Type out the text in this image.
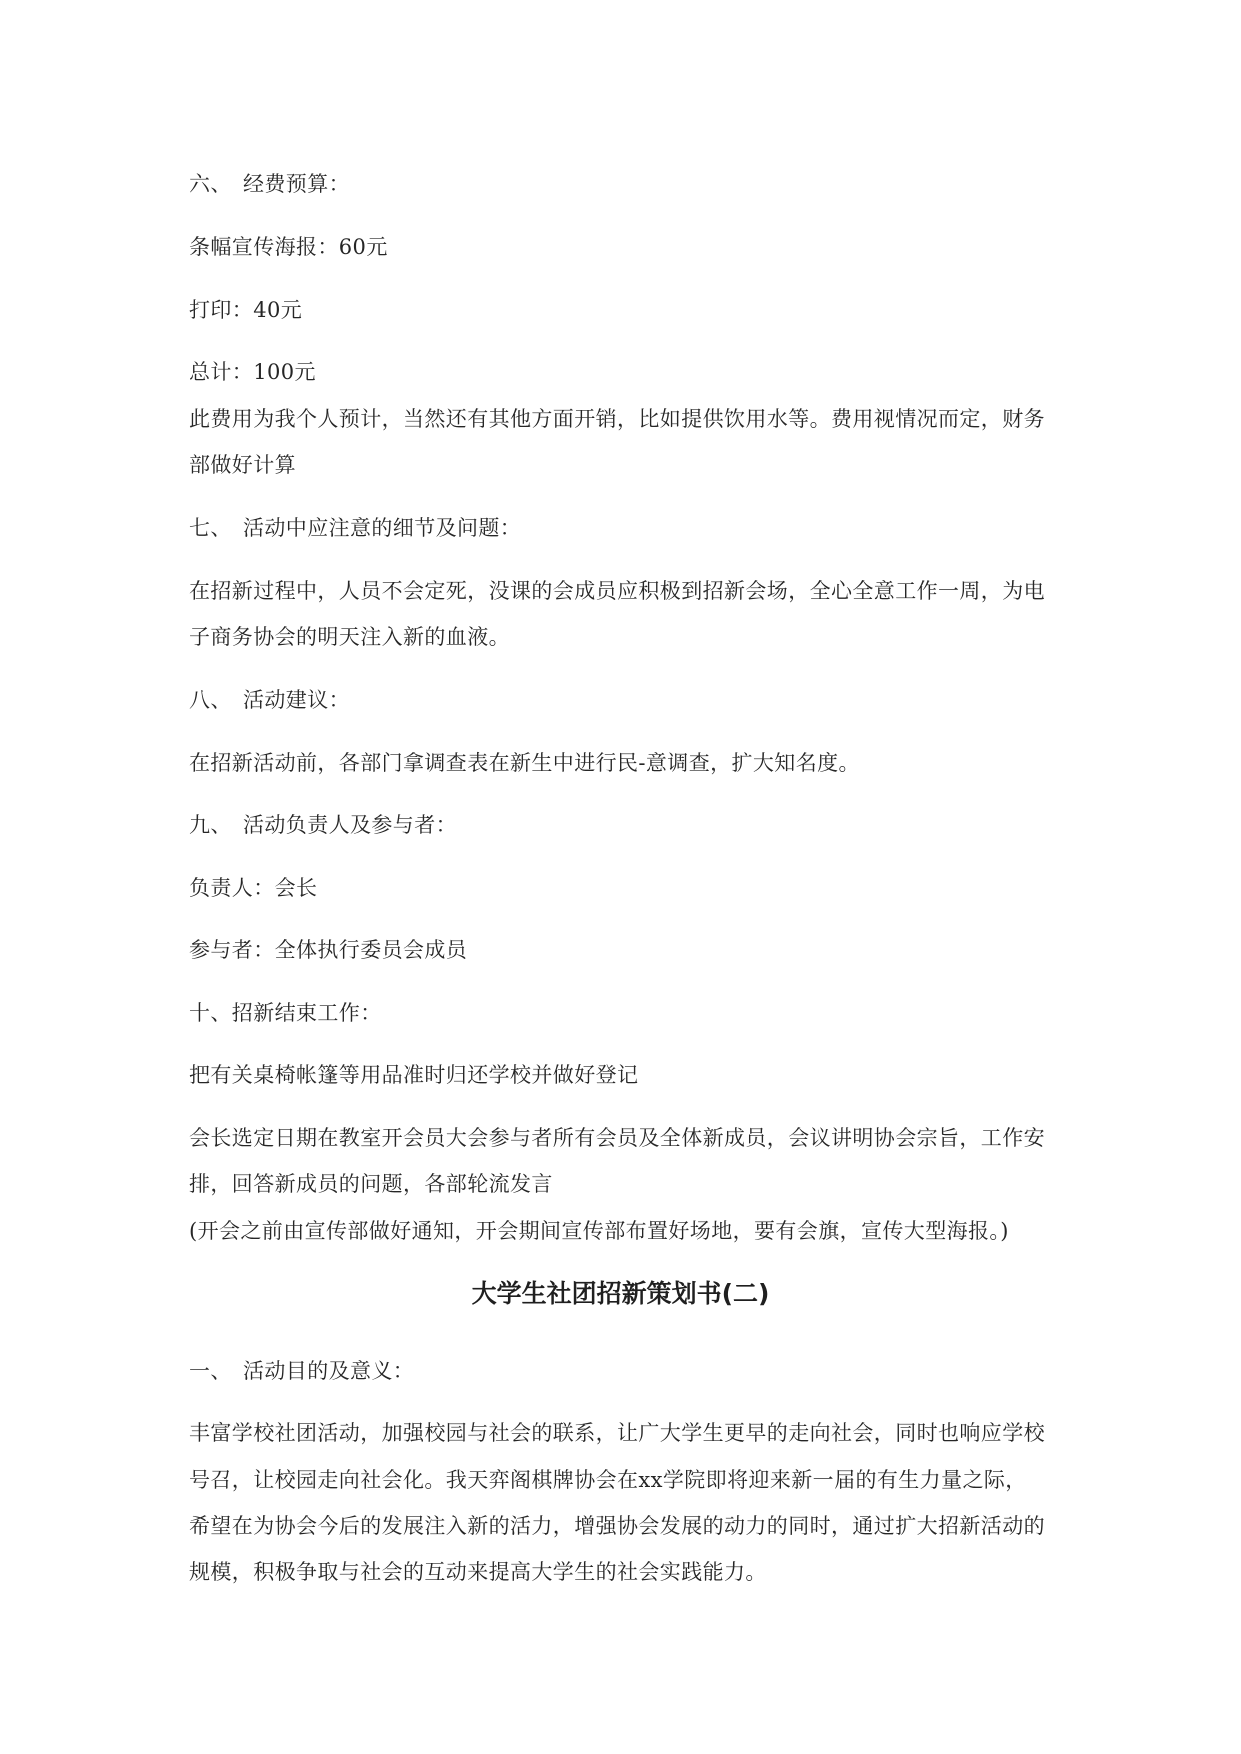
六、 经费预算：
条幅宣传海报：60元
打印：40元
总计：100元
此费用为我个人预计，当然还有其他方面开销，比如提供饮用水等。费用视情况而定，财务
部做好计算
七、 活动中应注意的细节及问题：
在招新过程中，人员不会定死，没课的会成员应积极到招新会场，全心全意工作一周，为电
子商务协会的明天注入新的血液。
八、 活动建议：
在招新活动前，各部门拿调查表在新生中进行民-意调查，扩大知名度。
九、 活动负责人及参与者：
负责人：会长
参与者：全体执行委员会成员
十、招新结束工作：
把有关桌椅帐篷等用品准时归还学校并做好登记
会长选定日期在教室开会员大会参与者所有会员及全体新成员，会议讲明协会宗旨，工作安
排，回答新成员的问题，各部轮流发言
(开会之前由宣传部做好通知，开会期间宣传部布置好场地，要有会旗，宣传大型海报。)
大学生社团招新策划书(二)
一、 活动目的及意义：
丰富学校社团活动，加强校园与社会的联系，让广大学生更早的走向社会，同时也响应学校
号召，让校园走向社会化。我天弈阁棋牌协会在xx学院即将迎来新一届的有生力量之际，
希望在为协会今后的发展注入新的活力，增强协会发展的动力的同时，通过扩大招新活动的
规模，积极争取与社会的互动来提高大学生的社会实践能力。
